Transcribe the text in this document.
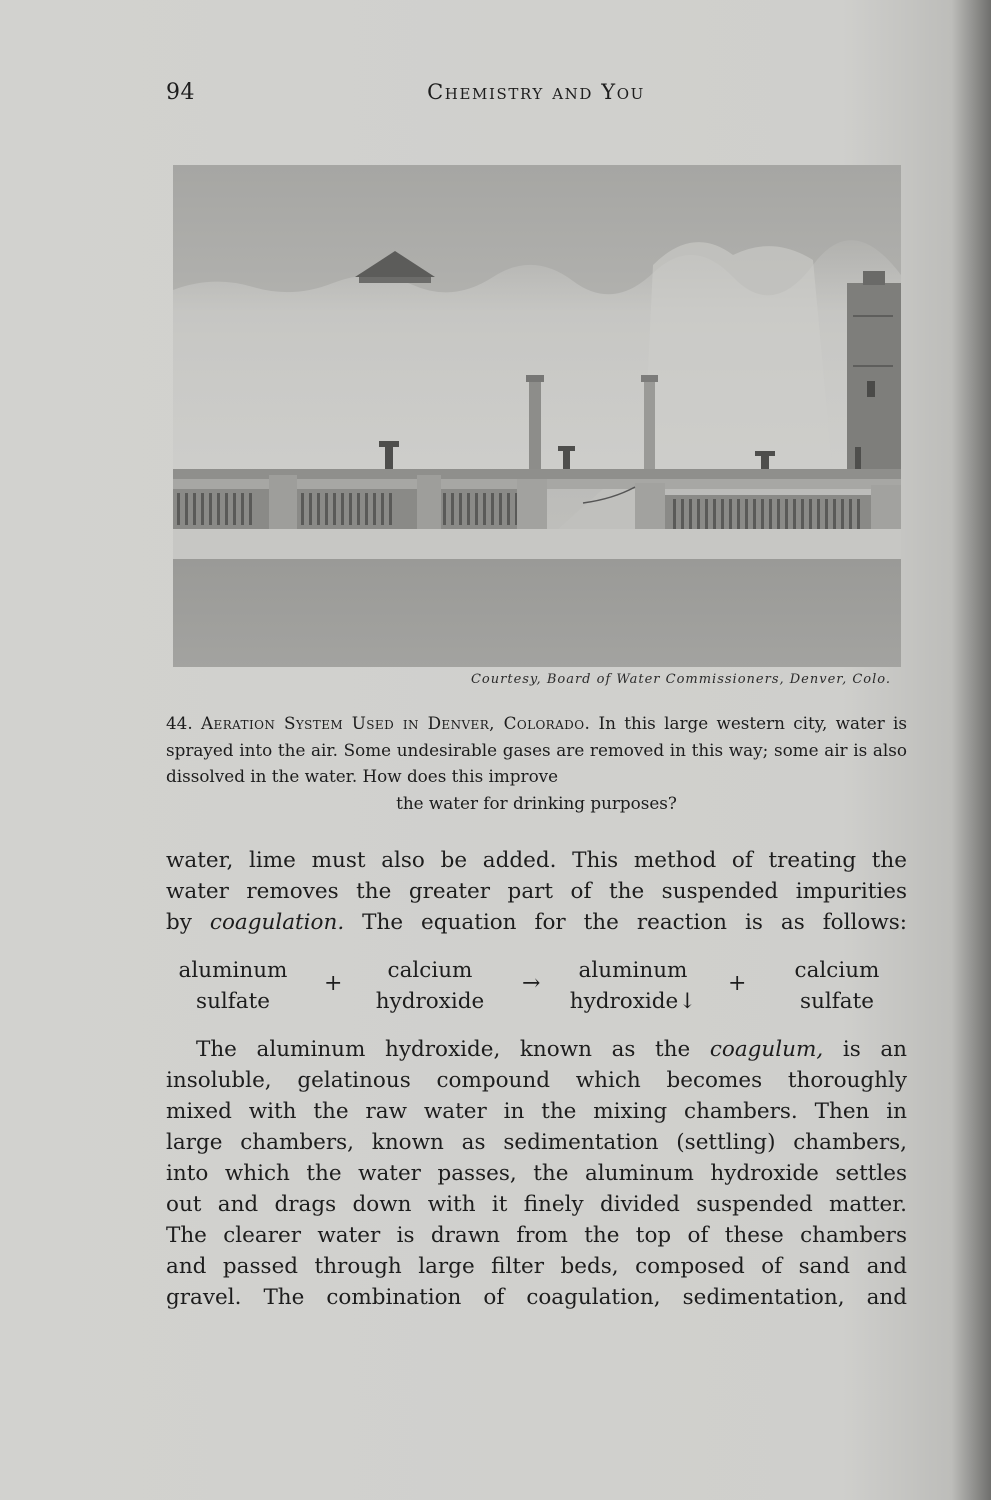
94	Chemistry and You
Courtesy, Board of Water Commissioners, Denver, Colo.
44. Aeration System Used in Denver, Colorado. In this large western city, water is sprayed into the air. Some undesirable gases are removed in this way; some air is also dissolved in the water. How does this improve
the water for drinking purposes?
water, lime must also be added. This method of treating the
water removes the greater part of the suspended impurities
by coagulation. The equation for the reaction is as follows:
aluminum
sulfate
+
calcium
hydroxide
→
aluminum
hydroxide↓
+
calcium
sulfate
The aluminum hydroxide, known as the coagulum, is an
insoluble, gelatinous compound which becomes thoroughly
mixed with the raw water in the mixing chambers. Then in
large chambers, known as sedimentation (settling) chambers,
into which the water passes, the aluminum hydroxide settles
out and drags down with it finely divided suspended matter.
The clearer water is drawn from the top of these chambers
and passed through large filter beds, composed of sand and
gravel. The combination of coagulation, sedimentation, and
